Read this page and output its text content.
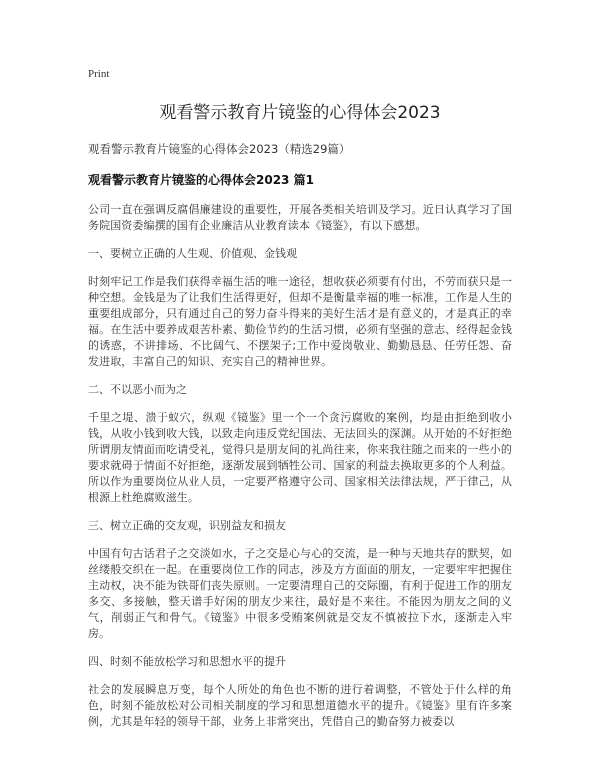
Print
观看警示教育片镜鉴的心得体会2023
观看警示教育片镜鉴的心得体会2023（精选29篇）
观看警示教育片镜鉴的心得体会2023 篇1

公司一直在强调反腐倡廉建设的重要性，开展各类相关培训及学习。近日认真学习了国务院国资委编撰的国有企业廉洁从业教育读本《镜鉴》，有以下感想。

一、要树立正确的人生观、价值观、金钱观

时刻牢记工作是我们获得幸福生活的唯一途径，想收获必须要有付出，不劳而获只是一种空想。金钱是为了让我们生活得更好，但却不是衡量幸福的唯一标准，工作是人生的重要组成部分，只有通过自己的努力奋斗得来的美好生活才是有意义的，才是真正的幸福。在生活中要养成艰苦朴素、勤俭节约的生活习惯，必须有坚强的意志、经得起金钱的诱惑，不讲排场、不比阔气、不摆架子;工作中爱岗敬业、勤勤恳恳、任劳任怨、奋发进取，丰富自己的知识、充实自己的精神世界。

二、不以恶小而为之

千里之堤、溃于蚁穴，纵观《镜鉴》里一个一个贪污腐败的案例，均是由拒绝到收小钱，从收小钱到收大钱，以致走向违反党纪国法、无法回头的深渊。从开始的不好拒绝所谓朋友情面而吃请受礼，觉得只是朋友间的礼尚往来，你来我往随之而来的一些小的要求就碍于情面不好拒绝，逐渐发展到牺牲公司、国家的利益去换取更多的个人利益。所以作为重要岗位从业人员，一定要严格遵守公司、国家相关法律法规，严于律己，从根源上杜绝腐败滋生。

三、树立正确的交友观，识别益友和损友

中国有句古话君子之交淡如水，子之交是心与心的交流，是一种与天地共存的默契，如丝缕般交织在一起。在重要岗位工作的同志，涉及方方面面的朋友，一定要牢牢把握住主动权，决不能为铁哥们丧失原则。一定要清理自己的交际圈，有利于促进工作的朋友多交、多接触，整天谱手好闲的朋友少来往，最好是不来往。不能因为朋友之间的义气，削弱正气和骨气。《镜鉴》中很多受贿案例就是交友不慎被拉下水，逐渐走入牢房。

四、时刻不能放松学习和思想水平的提升

社会的发展瞬息万变，每个人所处的角色也不断的进行着调整，不管处于什么样的角色，时刻不能放松对公司相关制度的学习和思想道德水平的提升。《镜鉴》里有许多案例，尤其是年轻的领导干部，业务上非常突出，凭借自己的勤奋努力被委以
